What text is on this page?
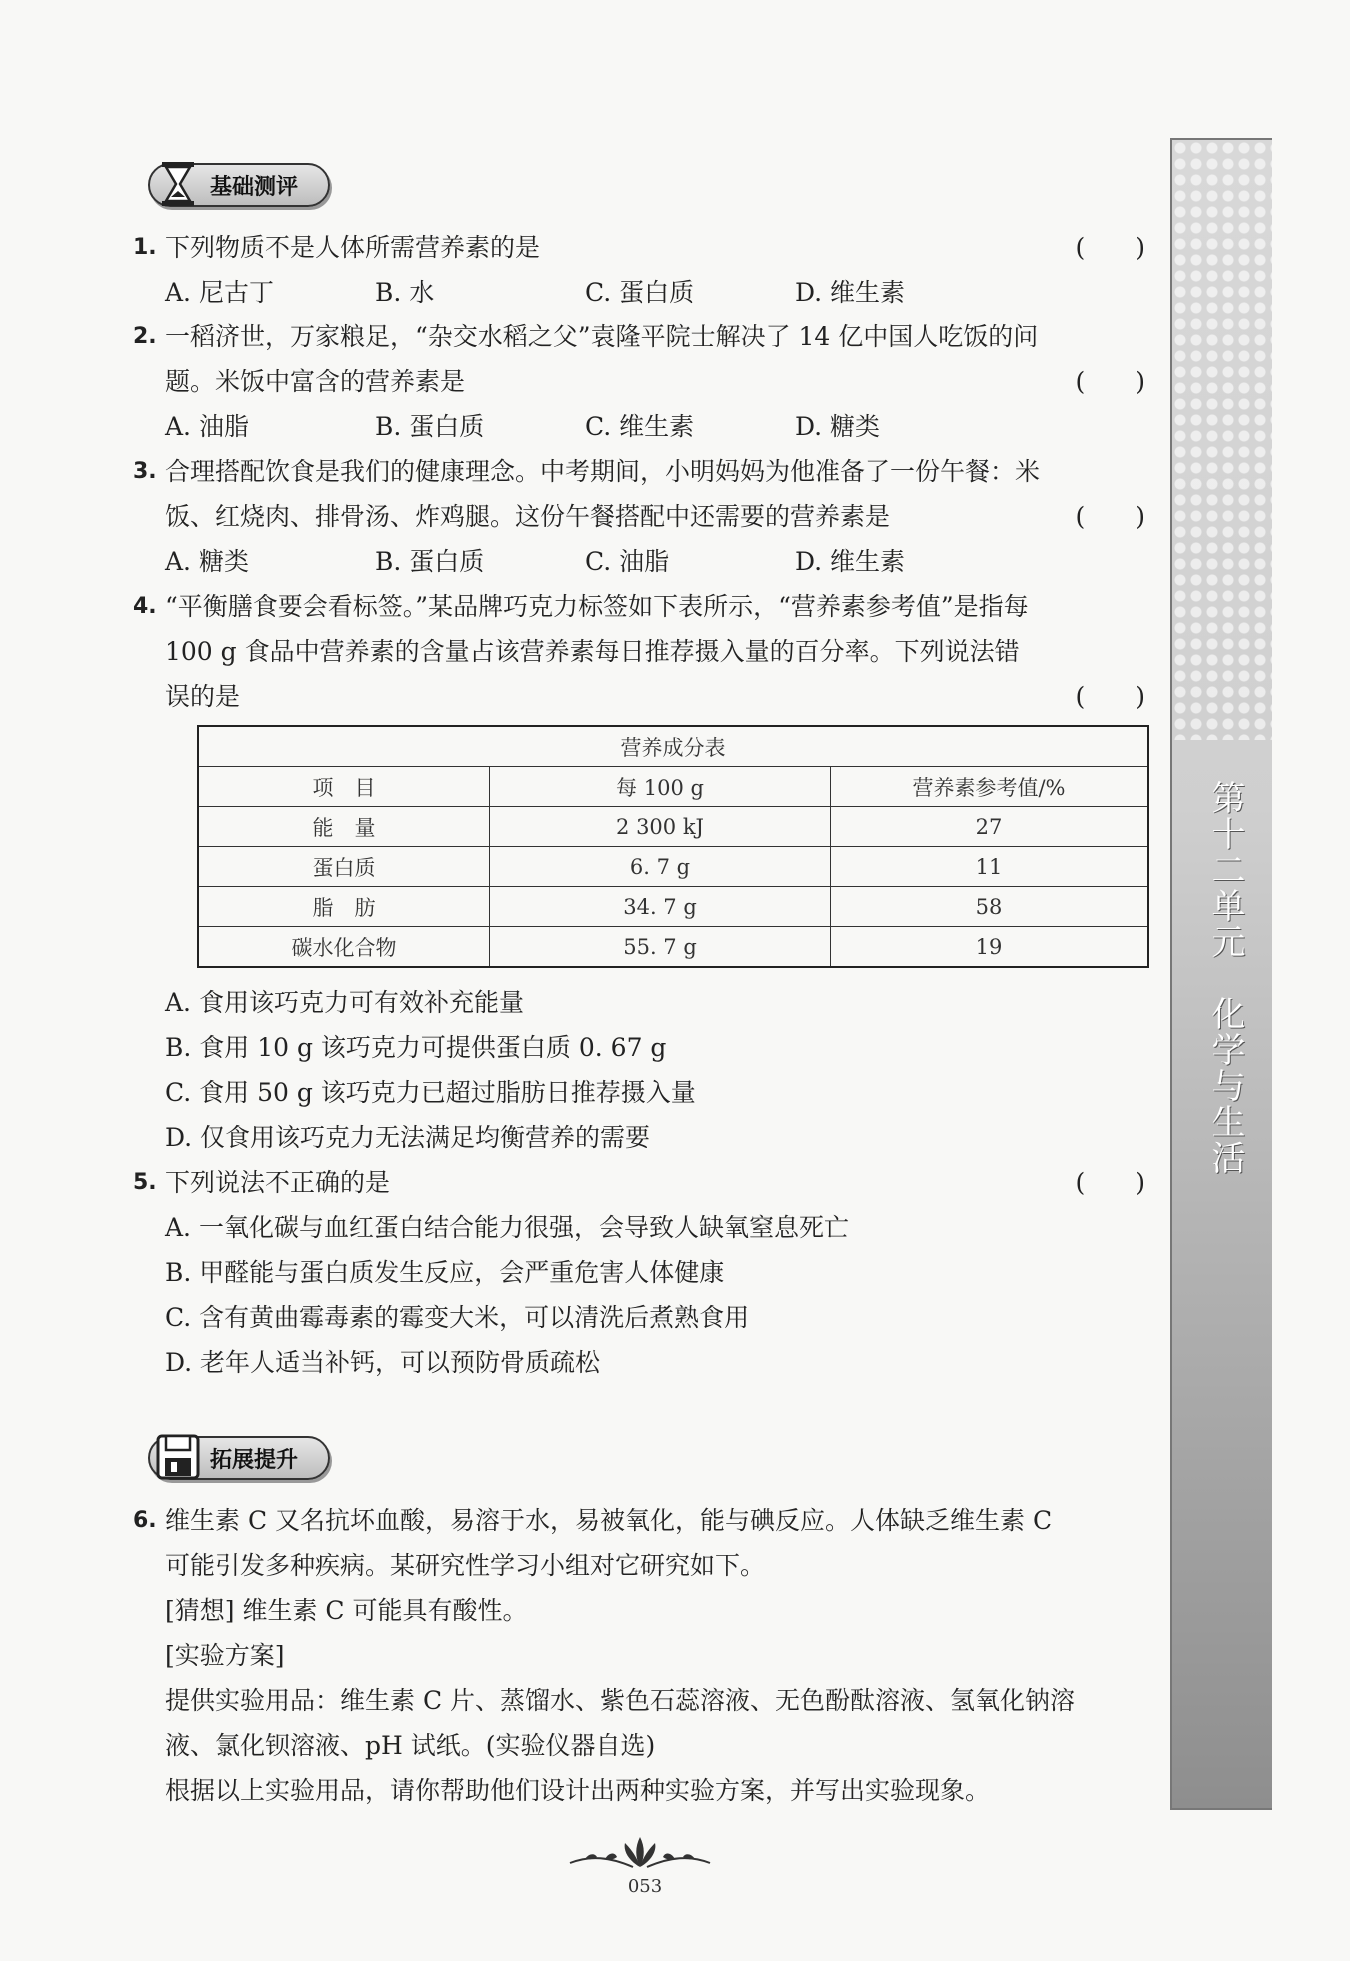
基础测评
1. 下列物质不是人体所需营养素的是	(　　)
A. 尼古丁	B. 水	C. 蛋白质	D. 维生素
2. 一稻济世，万家粮足，“杂交水稻之父”袁隆平院士解决了 14 亿中国人吃饭的问
题。米饭中富含的营养素是	(　　)
A. 油脂	B. 蛋白质	C. 维生素	D. 糖类
3. 合理搭配饮食是我们的健康理念。中考期间，小明妈妈为他准备了一份午餐：米
饭、红烧肉、排骨汤、炸鸡腿。这份午餐搭配中还需要的营养素是	(　　)
A. 糖类	B. 蛋白质	C. 油脂	D. 维生素
4. “平衡膳食要会看标签。”某品牌巧克力标签如下表所示，“营养素参考值”是指每
100 g 食品中营养素的含量占该营养素每日推荐摄入量的百分率。下列说法错
误的是	(　　)
营养成分表		
项　目	每 100 g	营养素参考值/%
能　量	2 300 kJ	27
蛋白质	6. 7 g	11
脂　肪	34. 7 g	58
碳水化合物	55. 7 g	19
A. 食用该巧克力可有效补充能量
B. 食用 10 g 该巧克力可提供蛋白质 0. 67 g
C. 食用 50 g 该巧克力已超过脂肪日推荐摄入量
D. 仅食用该巧克力无法满足均衡营养的需要
5. 下列说法不正确的是	(　　)
A. 一氧化碳与血红蛋白结合能力很强，会导致人缺氧窒息死亡
B. 甲醛能与蛋白质发生反应，会严重危害人体健康
C. 含有黄曲霉毒素的霉变大米，可以清洗后煮熟食用
D. 老年人适当补钙，可以预防骨质疏松
拓展提升
6. 维生素 C 又名抗坏血酸，易溶于水，易被氧化，能与碘反应。人体缺乏维生素 C
可能引发多种疾病。某研究性学习小组对它研究如下。
[猜想] 维生素 C 可能具有酸性。
[实验方案]
提供实验用品：维生素 C 片、蒸馏水、紫色石蕊溶液、无色酚酞溶液、氢氧化钠溶
液、氯化钡溶液、pH 试纸。(实验仪器自选)
根据以上实验用品，请你帮助他们设计出两种实验方案，并写出实验现象。
第十二单元　化学与生活
053
